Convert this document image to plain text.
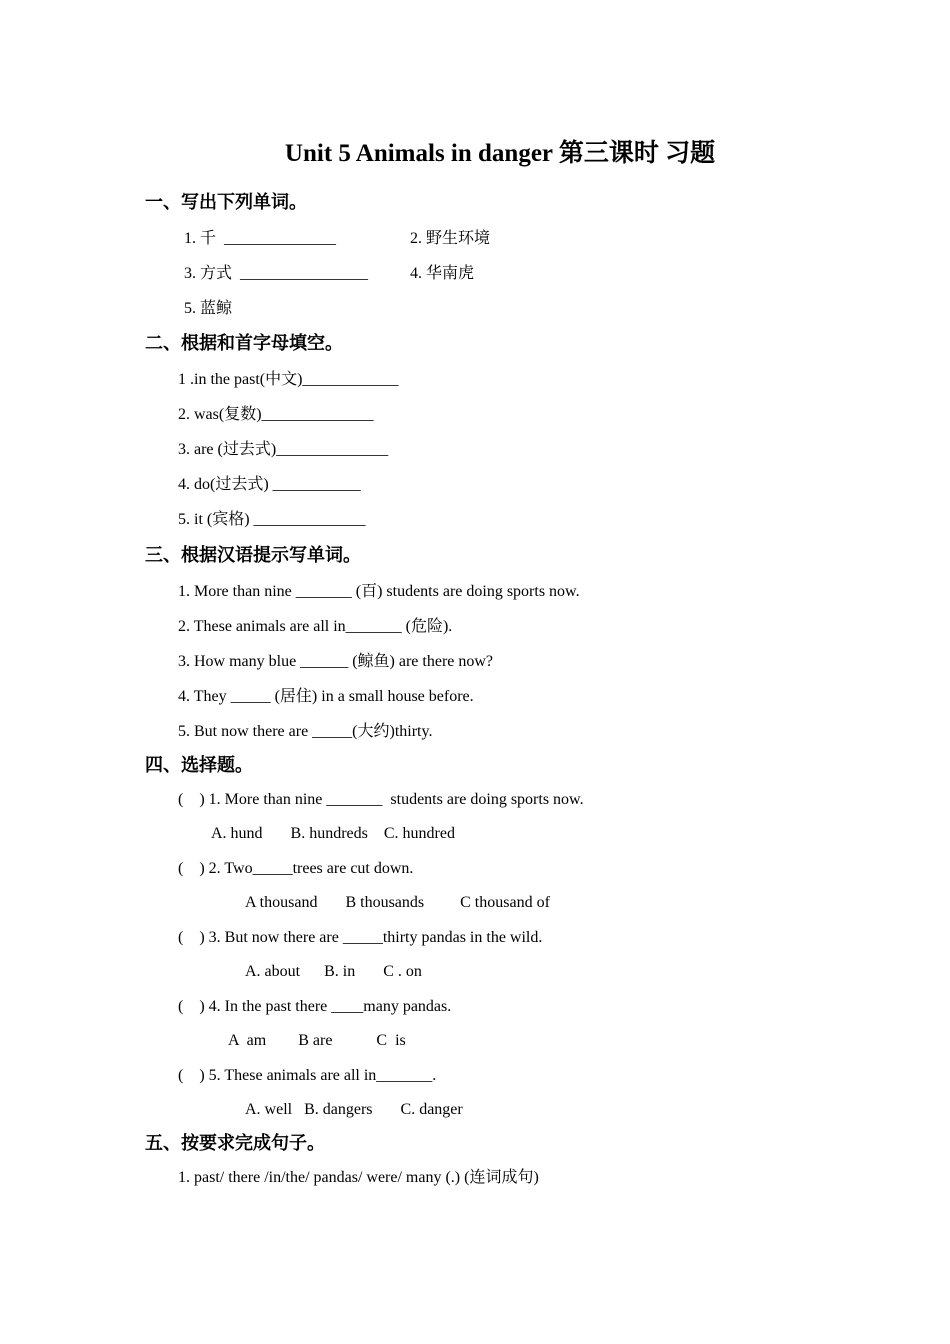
Unit 5 Animals in danger 第三课时 习题
一、写出下列单词。
1. 千  ______________	2. 野生环境
3. 方式  ________________	4. 华南虎
5. 蓝鲸
二、根据和首字母填空。
1 .in the past(中文)____________
2. was(复数)______________
3. are (过去式)______________
4. do(过去式) ___________
5. it (宾格) ______________
三、根据汉语提示写单词。
1. More than nine _______ (百) students are doing sports now.
2. These animals are all in_______ (危险).
3. How many blue ______ (鲸鱼) are there now?
4. They _____ (居住) in a small house before.
5. But now there are _____(大约)thirty.
四、选择题。
(    ) 1. More than nine _______  students are doing sports now.
A. hund       B. hundreds    C. hundred
(    ) 2. Two_____trees are cut down.
A thousand       B thousands         C thousand of
(    ) 3. But now there are _____thirty pandas in the wild.
A. about      B. in       C . on
(    ) 4. In the past there ____many pandas.
A  am        B are           C  is
(    ) 5. These animals are all in_______.
A. well   B. dangers       C. danger
五、按要求完成句子。
1. past/ there /in/the/ pandas/ were/ many (.) (连词成句)
